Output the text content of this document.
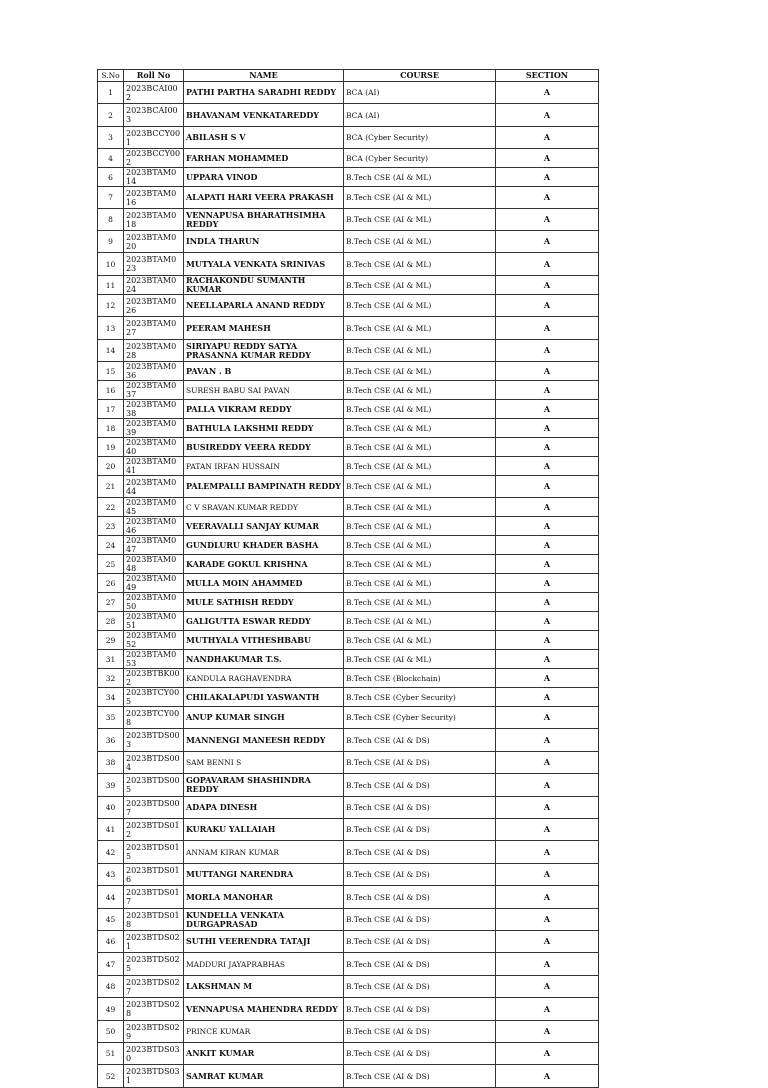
S.No	Roll No	NAME	COURSE	SECTION
1	2023BCAI002	PATHI PARTHA SARADHI REDDY	BCA (AI)	A
2	2023BCAI003	BHAVANAM VENKATAREDDY	BCA (AI)	A
3	2023BCCY001	ABILASH S V	BCA (Cyber Security)	A
4	2023BCCY002	FARHAN MOHAMMED	BCA (Cyber Security)	A
6	2023BTAM014	UPPARA VINOD	B.Tech CSE (AI & ML)	A
7	2023BTAM016	ALAPATI HARI VEERA PRAKASH	B.Tech CSE (AI & ML)	A
8	2023BTAM018	VENNAPUSA BHARATHSIMHA REDDY	B.Tech CSE (AI & ML)	A
9	2023BTAM020	INDLA THARUN	B.Tech CSE (AI & ML)	A
10	2023BTAM023	MUTYALA VENKATA SRINIVAS	B.Tech CSE (AI & ML)	A
11	2023BTAM024	RACHAKONDU SUMANTH KUMAR	B.Tech CSE (AI & ML)	A
12	2023BTAM026	NEELLAPARLA ANAND REDDY	B.Tech CSE (AI & ML)	A
13	2023BTAM027	PEERAM MAHESH	B.Tech CSE (AI & ML)	A
14	2023BTAM028	SIRIYAPU REDDY SATYA PRASANNA KUMAR REDDY	B.Tech CSE (AI & ML)	A
15	2023BTAM036	PAVAN . B	B.Tech CSE (AI & ML)	A
16	2023BTAM037	SURESH BABU SAI PAVAN	B.Tech CSE (AI & ML)	A
17	2023BTAM038	PALLA VIKRAM REDDY	B.Tech CSE (AI & ML)	A
18	2023BTAM039	BATHULA LAKSHMI REDDY	B.Tech CSE (AI & ML)	A
19	2023BTAM040	BUSIREDDY VEERA REDDY	B.Tech CSE (AI & ML)	A
20	2023BTAM041	PATAN IRFAN HUSSAIN	B.Tech CSE (AI & ML)	A
21	2023BTAM044	PALEMPALLI BAMPINATH REDDY	B.Tech CSE (AI & ML)	A
22	2023BTAM045	C V SRAVAN KUMAR REDDY	B.Tech CSE (AI & ML)	A
23	2023BTAM046	VEERAVALLI SANJAY KUMAR	B.Tech CSE (AI & ML)	A
24	2023BTAM047	GUNDLURU KHADER BASHA	B.Tech CSE (AI & ML)	A
25	2023BTAM048	KARADE GOKUL KRISHNA	B.Tech CSE (AI & ML)	A
26	2023BTAM049	MULLA MOIN AHAMMED	B.Tech CSE (AI & ML)	A
27	2023BTAM050	MULE SATHISH REDDY	B.Tech CSE (AI & ML)	A
28	2023BTAM051	GALIGUTTA ESWAR REDDY	B.Tech CSE (AI & ML)	A
29	2023BTAM052	MUTHYALA VITHESHBABU	B.Tech CSE (AI & ML)	A
31	2023BTAM053	NANDHAKUMAR T.S.	B.Tech CSE (AI & ML)	A
32	2023BTBK002	KANDULA RAGHAVENDRA	B.Tech CSE (Blockchain)	A
34	2023BTCY005	CHILAKALAPUDI YASWANTH	B.Tech CSE (Cyber Security)	A
35	2023BTCY008	ANUP KUMAR SINGH	B.Tech CSE (Cyber Security)	A
36	2023BTDS003	MANNENGI MANEESH REDDY	B.Tech CSE (AI & DS)	A
38	2023BTDS004	SAM BENNI S	B.Tech CSE (AI & DS)	A
39	2023BTDS005	GOPAVARAM SHASHINDRA REDDY	B.Tech CSE (AI & DS)	A
40	2023BTDS007	ADAPA DINESH	B.Tech CSE (AI & DS)	A
41	2023BTDS012	KURAKU YALLAIAH	B.Tech CSE (AI & DS)	A
42	2023BTDS015	ANNAM KIRAN KUMAR	B.Tech CSE (AI & DS)	A
43	2023BTDS016	MUTTANGI NARENDRA	B.Tech CSE (AI & DS)	A
44	2023BTDS017	MORLA MANOHAR	B.Tech CSE (AI & DS)	A
45	2023BTDS018	KUNDELLA VENKATA DURGAPRASAD	B.Tech CSE (AI & DS)	A
46	2023BTDS021	SUTHI VEERENDRA TATAJI	B.Tech CSE (AI & DS)	A
47	2023BTDS025	MADDURI JAYAPRABHAS	B.Tech CSE (AI & DS)	A
48	2023BTDS027	LAKSHMAN M	B.Tech CSE (AI & DS)	A
49	2023BTDS028	VENNAPUSA MAHENDRA REDDY	B.Tech CSE (AI & DS)	A
50	2023BTDS029	PRINCE KUMAR	B.Tech CSE (AI & DS)	A
51	2023BTDS030	ANKIT KUMAR	B.Tech CSE (AI & DS)	A
52	2023BTDS031	SAMRAT KUMAR	B.Tech CSE (AI & DS)	A
